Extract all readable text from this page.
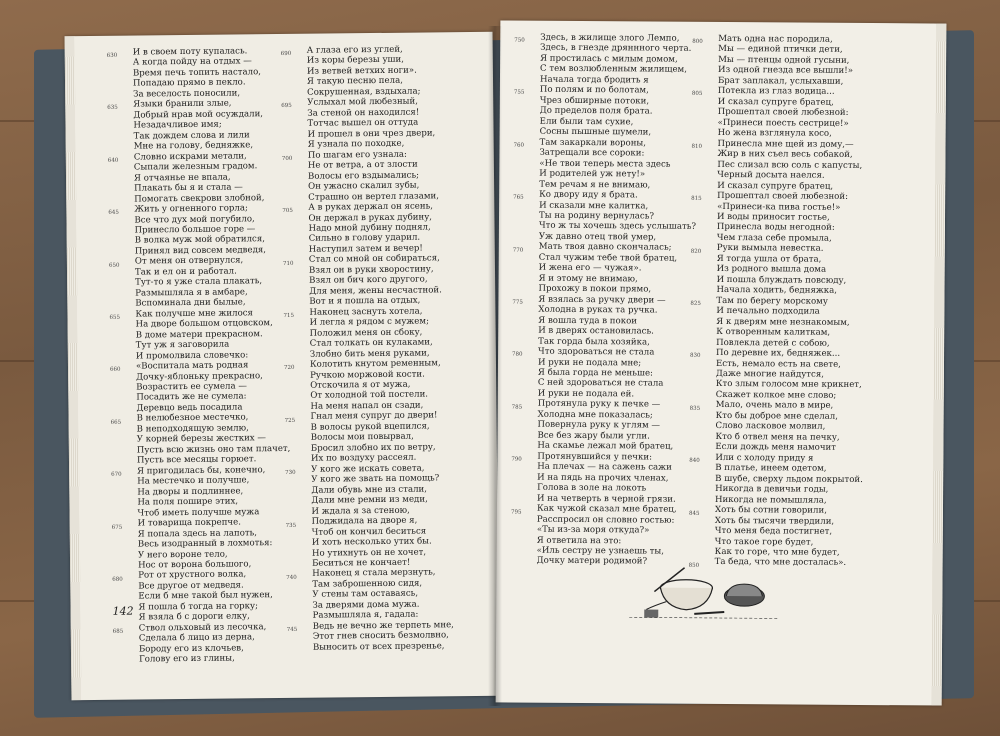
И в своем поту купалась.
А когда пойду на отдых —
Время печь топить настало,
Попадаю прямо в пекло.
За веселость поносили,
Языки бранили злые,
Добрый нрав мой осуждали,
Незадачливое имя;
Так дождем слова и лили
Мне на голову, бедняжке,
Словно искрами метали,
Сыпали железным градом.
Я отчаянье не впала,
Плакать бы я и стала —
Помогать свекрови злобной,
Жить у огненного горла;
Все что дух мой погубило,
Принесло большое горе —
В волка муж мой обратился,
Принял вид совсем медведя,
От меня он отвернулся,
Так и ел он и работал.
Тут-то я уже стала плакать,
Размышляла я в амбаре,
Вспоминала дни былые,
Как получше мне жилося
На дворе большом отцовском,
В доме матери прекрасном.
Тут уж я заговорила
И промолвила словечко:
«Воспитала мать родная
Дочку-яблоньку прекрасно,
Возрастить ее сумела —
Посадить же не сумела:
Деревцо ведь посадила
В нелюбезное местечко,
В неподходящую землю,
У корней березы жестких —
Пусть всю жизнь оно там плачет,
Пусть все месяцы горюет.
Я пригодилась бы, конечно,
На местечко и получше,
На дворы и подлиннее,
На поля пошире этих,
Чтоб иметь получше мужа
И товарища покрепче.
Я попала здесь на лапоть,
Весь изодранный в лохмотья:
У него вороне тело,
Нос от ворона большого,
Рот от хрустного волка,
Все другое от медведя.
Если б мне такой был нужен,
Я пошла б тогда на горку;
Я взяла б с дороги елку,
Ствол ольховый из лесочка,
Сделала б лицо из дерна,
Бороду его из клочьев,
Голову его из глины,
630
635
640
645
650
655
660
665
670
675
680
685
А глаза его из углей,
Из коры березы уши,
Из ветвей ветхих ноги».
Я такую песню пела,
Сокрушенная, вздыхала;
Услыхал мой любезный,
За стеной он находился!
Тотчас вышел он оттуда
И прошел в они чрез двери,
Я узнала по походке,
По шагам его узнала:
Не от ветра, а от злости
Волосы его вздымались;
Он ужасно скалил зубы,
Страшно он вертел глазами,
А в руках держал он ясень,
Он держал в руках дубину,
Надо мной дубину поднял,
Сильно в голову ударил.
Наступил затем и вечер!
Стал со мной он собираться,
Взял он в руки хворостину,
Взял он бич кого другого,
Для меня, жены несчастной.
Вот и я пошла на отдых,
Наконец заснуть хотела,
И легла я рядом с мужем;
Положил меня он сбоку,
Стал толкать он кулаками,
Злобно бить меня руками,
Колотить кнутом ременным,
Ручкою моржовой кости.
Отскочила я от мужа,
От холодной той постели.
На меня напал он сзади,
Гнал меня супруг до двери!
В волосы рукой вцепился,
Волосы мои повырвал,
Бросил злобно их по ветру,
Их по воздуху рассеял.
У кого же искать совета,
У кого же звать на помощь?
Дали обувь мне из стали,
Дали мне ремни из меди,
И ждала я за стеною,
Поджидала на дворе я,
Чтоб он кончил беситься
И хоть несколько утих бы.
Но утихнуть он не хочет,
Беситься не кончает!
Наконец я стала мерзнуть,
Там заброшенною сидя,
У стены там оставаясь,
За дверями дома мужа.
Размышляла я, гадала:
Ведь не вечно же терпеть мне,
Этот гнев сносить безмолвно,
Выносить от всех презренье,
690
695
700
705
710
715
720
725
730
735
740
745
142
Здесь, в жилище злого Лемпо,
Здесь, в гнезде дряннного черта.
Я простилась с милым домом,
С тем возлюбленным жилищем,
Начала тогда бродить я
По полям и по болотам,
Чрез обширные потоки,
До пределов поля брата.
Ели были там сухие,
Сосны пышные шумели,
Там закаркали вороны,
Затрещали все сороки:
«Не твои теперь места здесь
И родителей уж нету!»
Тем речам я не внимаю,
Ко двору иду я брата.
И сказали мне калитка,
Ты на родину вернулась?
Что ж ты хочешь здесь услышать?
Уж давно отец твой умер,
Мать твоя давно скончалась;
Стал чужим тебе твой братец,
И жена его — чужая».
Я и этому не внимаю,
Прохожу в покои прямо,
Я взялась за ручку двери —
Холодна в руках та ручка.
Я вошла туда в покои
И в дверях остановилась.
Так горда была хозяйка,
Что здороваться не стала
И руки не подала мне;
Я была горда не меньше:
С ней здороваться не стала
И руки не подала ей.
Протянула руку к печке —
Холодна мне показалась;
Повернула руку к углям —
Все без жару были угли.
На скамье лежал мой братец,
Протянувшийся у печки:
На плечах — на сажень сажи
И на пядь на прочих членах,
Голова в золе на локоть
И на четверть в черной грязи.
Как чужой сказал мне братец,
Расспросил он словно гостью:
«Ты из-за моря откуда?»
Я ответила на это:
«Иль сестру не узнаешь ты,
Дочку матери родимой?
750
755
760
765
770
775
780
785
790
795
Мать одна нас породила,
Мы — единой птички дети,
Мы — птенцы одной гусыни,
Из одной гнезда все вышли!»
Брат заплакал, услыхавши,
Потекла из глаз водица...
И сказал супруге братец,
Прошептал своей любезной:
«Принеси поесть сестрице!»
Но жена взглянула косо,
Принесла мне щей из дому,—
Жир в них съел весь собакой,
Пес слизал всю соль с капусты,
Черный досыта наелся.
И сказал супруге братец,
Прошептал своей любезной:
«Принеси-ка пива гостье!»
И воды приносит гостье,
Принесла воды негодной:
Чем глаза себе промыла,
Руки вымыла невестка.
Я тогда ушла от брата,
Из родного вышла дома
И пошла блуждать повсюду,
Начала ходить, бедняжка,
Там по берегу морскому
И печально подходила
Я к дверям мне незнакомым,
К отворенным калиткам,
Повлекла детей с собою,
По деревне их, бедняжек...
Есть, немало есть на свете,
Даже многие найдутся,
Кто злым голосом мне крикнет,
Скажет колкое мне слово;
Мало, очень мало в мире,
Кто бы доброе мне сделал,
Слово ласковое молвил,
Кто б отвел меня на печку,
Если дождь меня намочит
Или с холоду приду я
В платье, инеем одетом,
В шубе, сверху льдом покрытой.
Никогда в девичьи годы,
Никогда не помышляла,
Хоть бы сотни говорили,
Хоть бы тысячи твердили,
Что меня беда постигнет,
Что такое горе будет,
Как то горе, что мне будет,
Та беда, что мне досталась».
800
805
810
815
820
825
830
835
840
845
850
